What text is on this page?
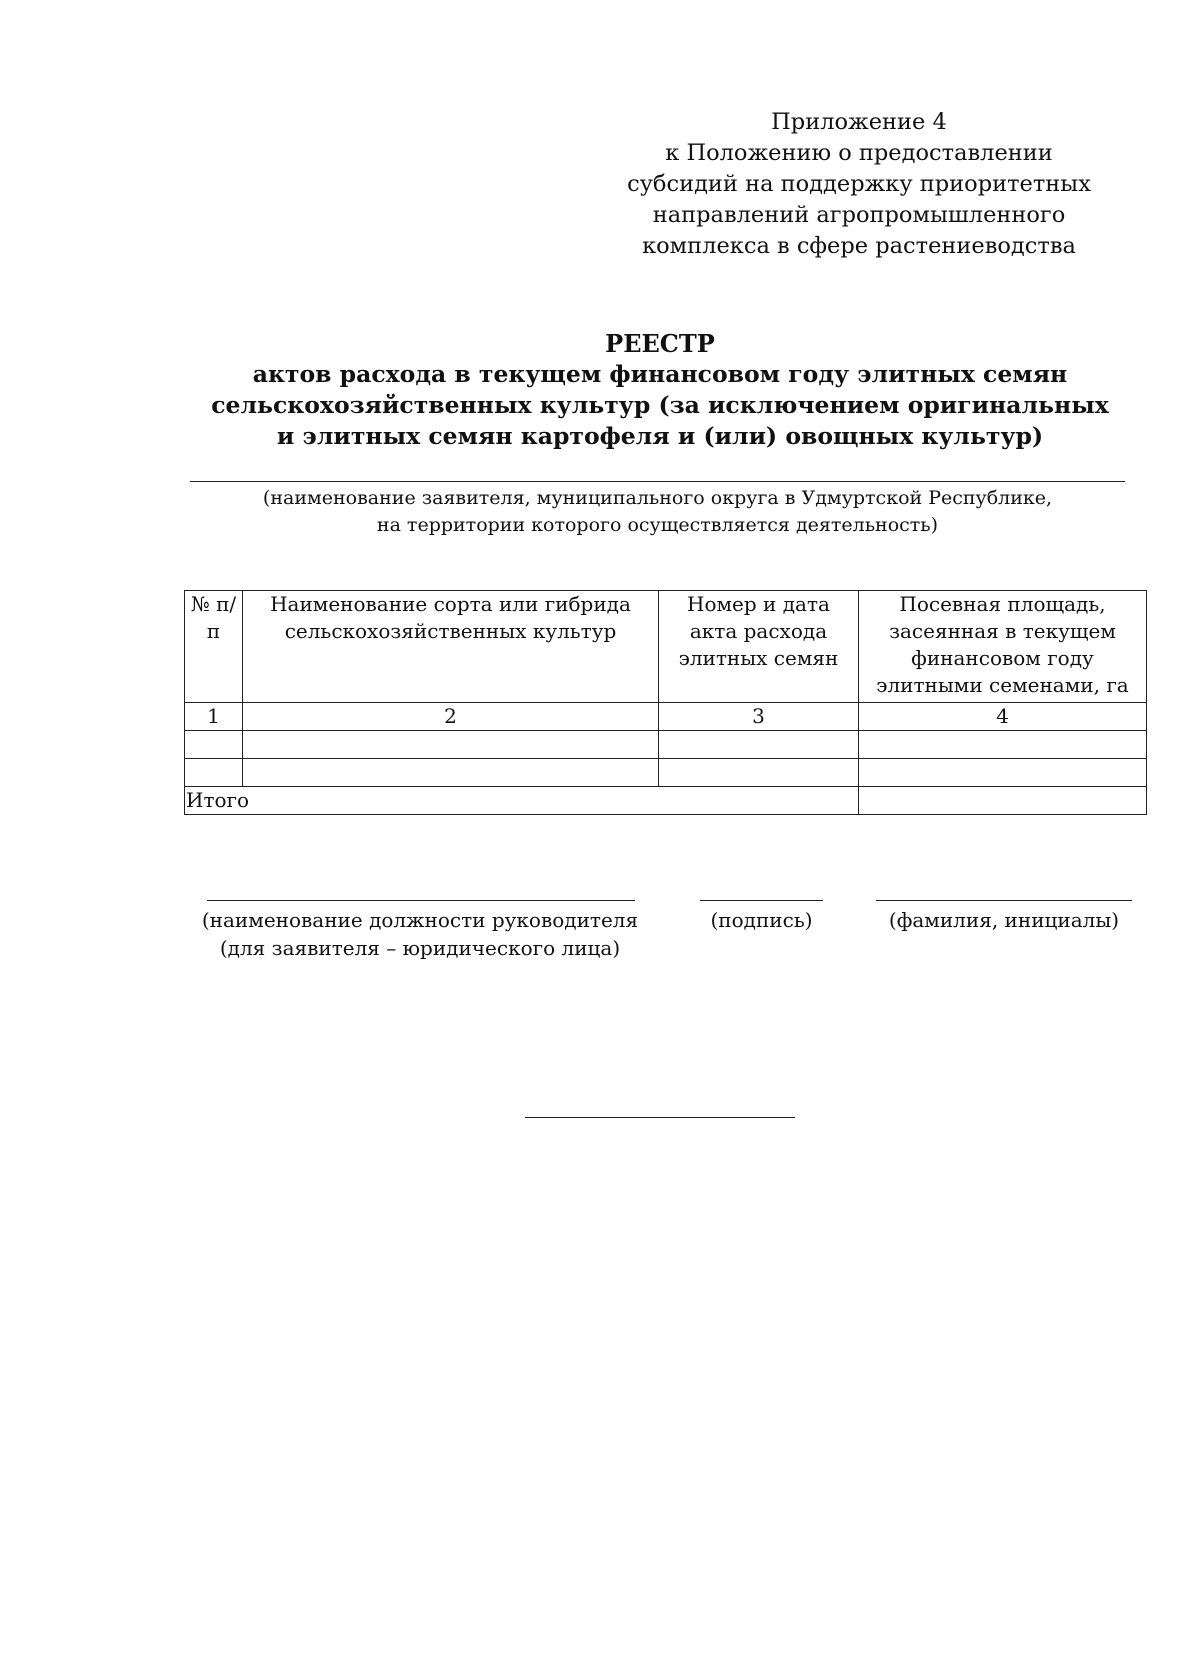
Приложение 4
к Положению о предоставлении
субсидий на поддержку приоритетных
направлений агропромышленного
комплекса в сфере растениеводства
РЕЕСТР
актов расхода в текущем финансовом году элитных семян
сельскохозяйственных культур (за исключением оригинальных
и элитных семян картофеля и (или) овощных культур)
(наименование заявителя, муниципального округа в Удмуртской Республике,
на территории которого осуществляется деятельность)
№ п/п	Наименование сорта или гибрида сельскохозяйственных культур	Номер и дата акта расхода элитных семян	Посевная площадь, засеянная в текущем финансовом году элитными семенами, га
1	2	3	4

Итого			
(наименование должности руководителя
(для заявителя – юридического лица)
(подпись)	(фамилия, инициалы)
